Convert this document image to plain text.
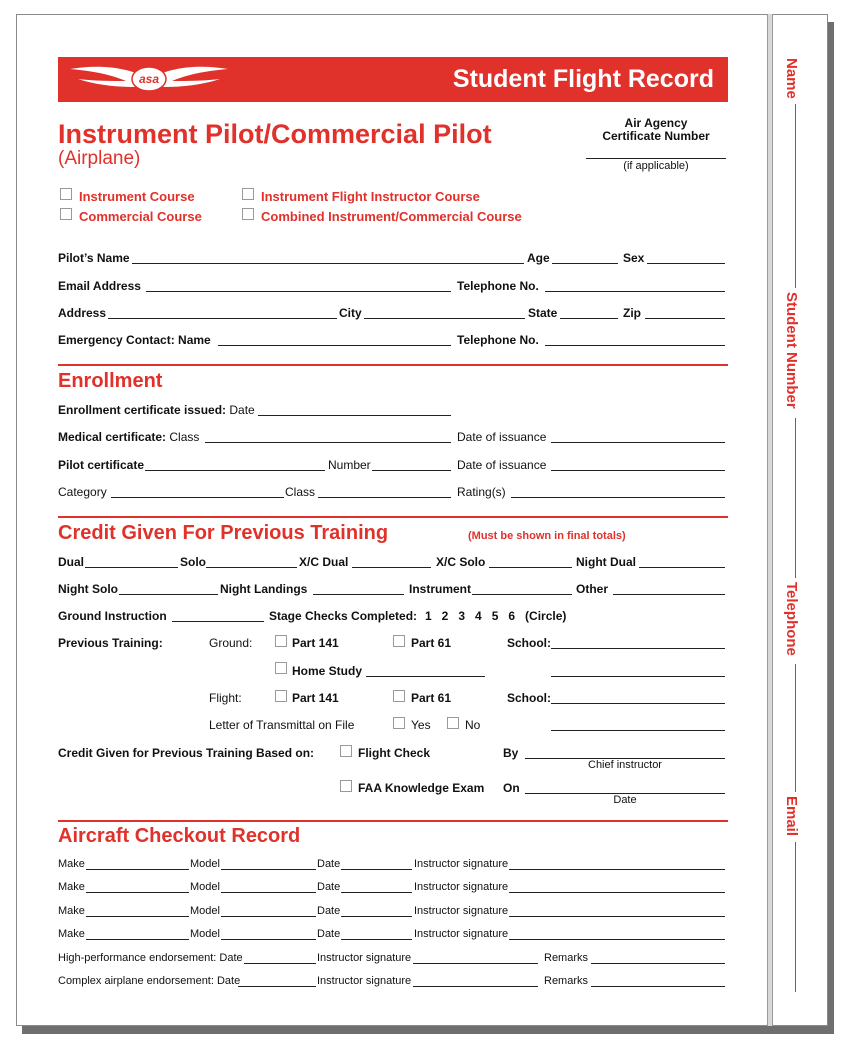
asa	Student Flight Record
Instrument Pilot/Commercial Pilot
(Airplane)
Air Agency
Certificate Number
(if applicable)
Instrument Course
Commercial Course
Instrument Flight Instructor Course
Combined Instrument/Commercial Course
Pilot’s Name	Age	Sex
Email Address	Telephone No.
Address	City	State	Zip
Emergency Contact: Name	Telephone No.
Enrollment
Enrollment certificate issued: Date
Medical certificate: Class	Date of issuance
Pilot certificate	Number	Date of issuance
Category	Class	Rating(s)
Credit Given For Previous Training	(Must be shown in final totals)
Dual	Solo	X/C Dual	X/C Solo	Night Dual
Night Solo	Night Landings	Instrument	Other
Ground Instruction	Stage Checks Completed: 1   2   3   4   5   6   (Circle)
Previous Training:	Ground:	Part 141	Part 61	School:
Home Study
Flight:	Part 141	Part 61	School:
Letter of Transmittal on File	Yes	No
Credit Given for Previous Training Based on:	Flight Check	By
Chief instructor
FAA Knowledge Exam On
Date
Aircraft Checkout Record
Make	Model	Date	Instructor signature
Make	Model	Date	Instructor signature
Make	Model	Date	Instructor signature
Make	Model	Date	Instructor signature
High-performance endorsement: Date	Instructor signature	Remarks
Complex airplane endorsement: Date	Instructor signature	Remarks
Name
Student Number
Telephone
Email
